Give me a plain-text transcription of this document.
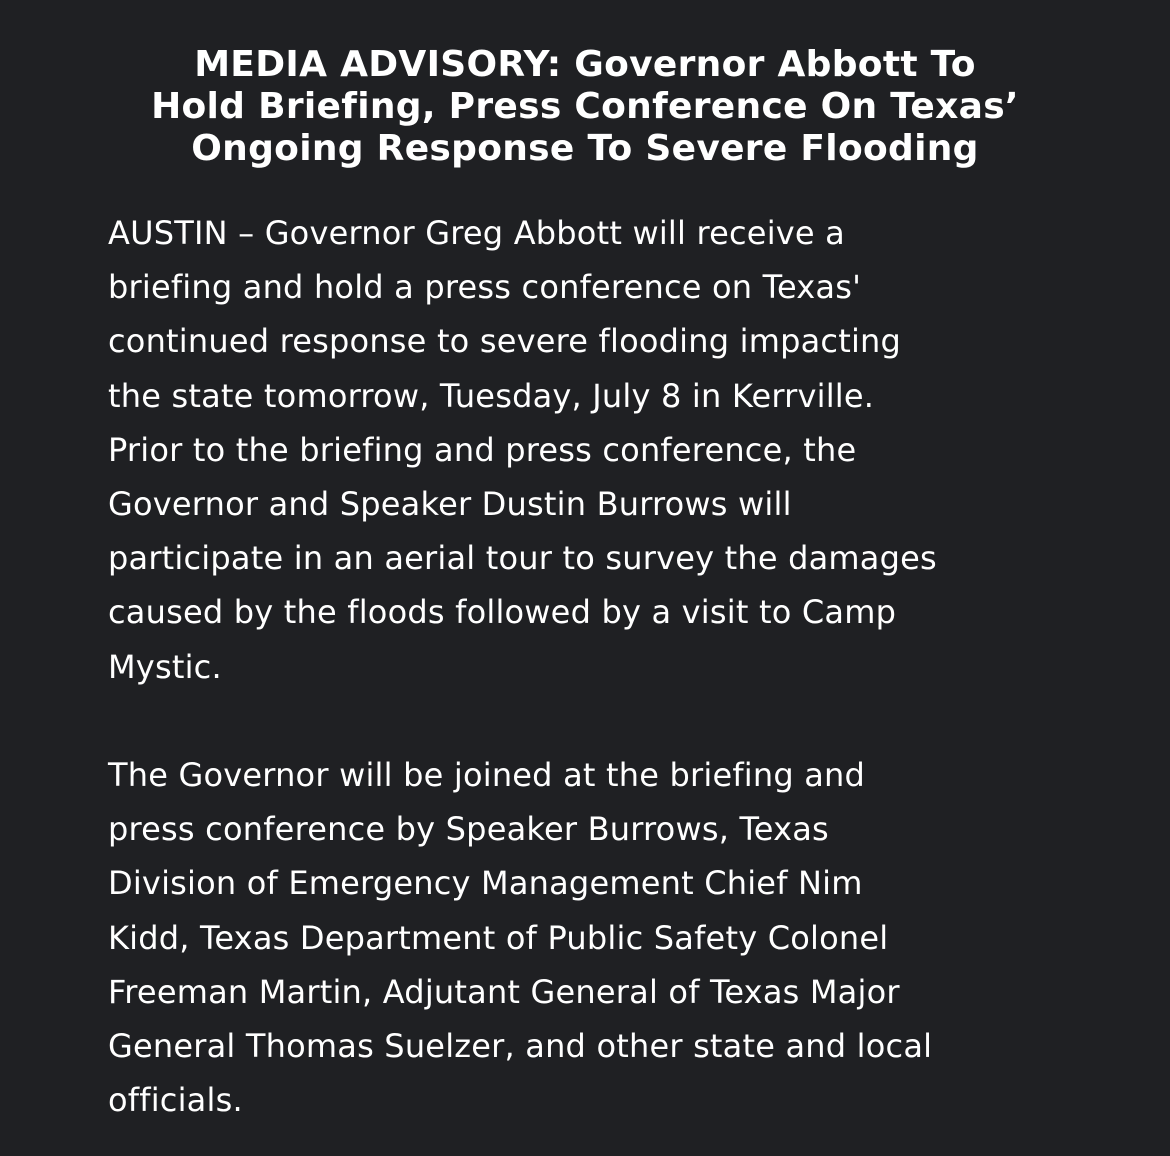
MEDIA ADVISORY: Governor Abbott To
Hold Briefing, Press Conference On Texas’
Ongoing Response To Severe Flooding

AUSTIN – Governor Greg Abbott will receive a
briefing and hold a press conference on Texas'
continued response to severe flooding impacting
the state tomorrow, Tuesday, July 8 in Kerrville.
Prior to the briefing and press conference, the
Governor and Speaker Dustin Burrows will
participate in an aerial tour to survey the damages
caused by the floods followed by a visit to Camp
Mystic.

The Governor will be joined at the briefing and
press conference by Speaker Burrows, Texas
Division of Emergency Management Chief Nim
Kidd, Texas Department of Public Safety Colonel
Freeman Martin, Adjutant General of Texas Major
General Thomas Suelzer, and other state and local
officials.
